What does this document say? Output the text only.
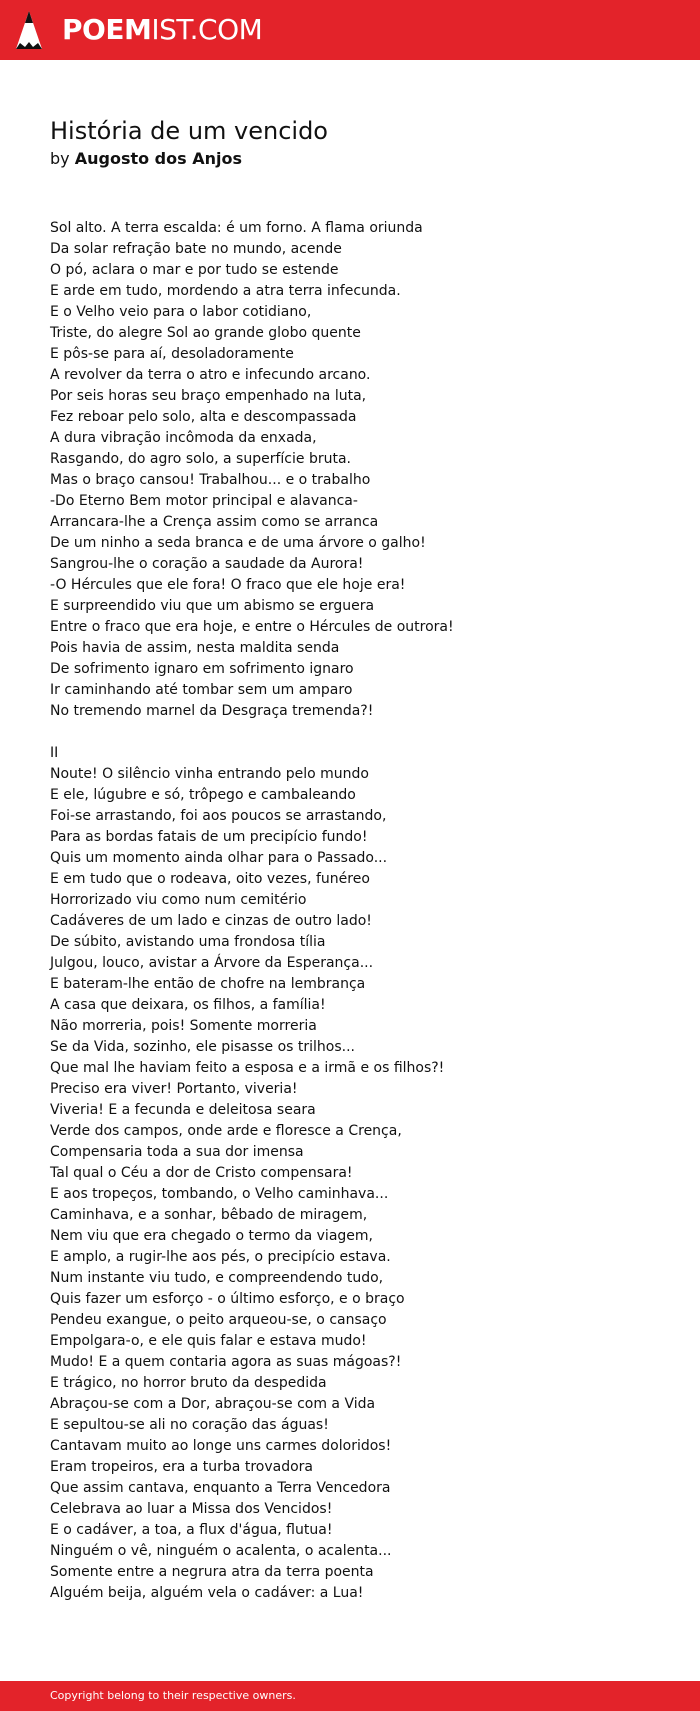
POEMIST.COM
História de um vencido
by Augosto dos Anjos
Sol alto. A terra escalda: é um forno. A flama oriunda
Da solar refração bate no mundo, acende
O pó, aclara o mar e por tudo se estende
E arde em tudo, mordendo a atra terra infecunda.
E o Velho veio para o labor cotidiano,
Triste, do alegre Sol ao grande globo quente
E pôs-se para aí, desoladoramente
A revolver da terra o atro e infecundo arcano.
Por seis horas seu braço empenhado na luta,
Fez reboar pelo solo, alta e descompassada
A dura vibração incômoda da enxada,
Rasgando, do agro solo, a superfície bruta.
Mas o braço cansou! Trabalhou... e o trabalho
-Do Eterno Bem motor principal e alavanca-
Arrancara-lhe a Crença assim como se arranca
De um ninho a seda branca e de uma árvore o galho!
Sangrou-lhe o coração a saudade da Aurora!
-O Hércules que ele fora! O fraco que ele hoje era!
E surpreendido viu que um abismo se erguera
Entre o fraco que era hoje, e entre o Hércules de outrora!
Pois havia de assim, nesta maldita senda
De sofrimento ignaro em sofrimento ignaro
Ir caminhando até tombar sem um amparo
No tremendo marnel da Desgraça tremenda?!
II
Noute! O silêncio vinha entrando pelo mundo
E ele, lúgubre e só, trôpego e cambaleando
Foi-se arrastando, foi aos poucos se arrastando,
Para as bordas fatais de um precipício fundo!
Quis um momento ainda olhar para o Passado...
E em tudo que o rodeava, oito vezes, funéreo
Horrorizado viu como num cemitério
Cadáveres de um lado e cinzas de outro lado!
De súbito, avistando uma frondosa tília
Julgou, louco, avistar a Árvore da Esperança...
E bateram-lhe então de chofre na lembrança
A casa que deixara, os filhos, a família!
Não morreria, pois! Somente morreria
Se da Vida, sozinho, ele pisasse os trilhos...
Que mal lhe haviam feito a esposa e a irmã e os filhos?!
Preciso era viver! Portanto, viveria!
Viveria! E a fecunda e deleitosa seara
Verde dos campos, onde arde e floresce a Crença,
Compensaria toda a sua dor imensa
Tal qual o Céu a dor de Cristo compensara!
E aos tropeços, tombando, o Velho caminhava...
Caminhava, e a sonhar, bêbado de miragem,
Nem viu que era chegado o termo da viagem,
E amplo, a rugir-lhe aos pés, o precipício estava.
Num instante viu tudo, e compreendendo tudo,
Quis fazer um esforço - o último esforço, e o braço
Pendeu exangue, o peito arqueou-se, o cansaço
Empolgara-o, e ele quis falar e estava mudo!
Mudo! E a quem contaria agora as suas mágoas?!
E trágico, no horror bruto da despedida
Abraçou-se com a Dor, abraçou-se com a Vida
E sepultou-se ali no coração das águas!
Cantavam muito ao longe uns carmes doloridos!
Eram tropeiros, era a turba trovadora
Que assim cantava, enquanto a Terra Vencedora
Celebrava ao luar a Missa dos Vencidos!
E o cadáver, a toa, a flux d'água, flutua!
Ninguém o vê, ninguém o acalenta, o acalenta...
Somente entre a negrura atra da terra poenta
Alguém beija, alguém vela o cadáver: a Lua!
Copyright belong to their respective owners.
